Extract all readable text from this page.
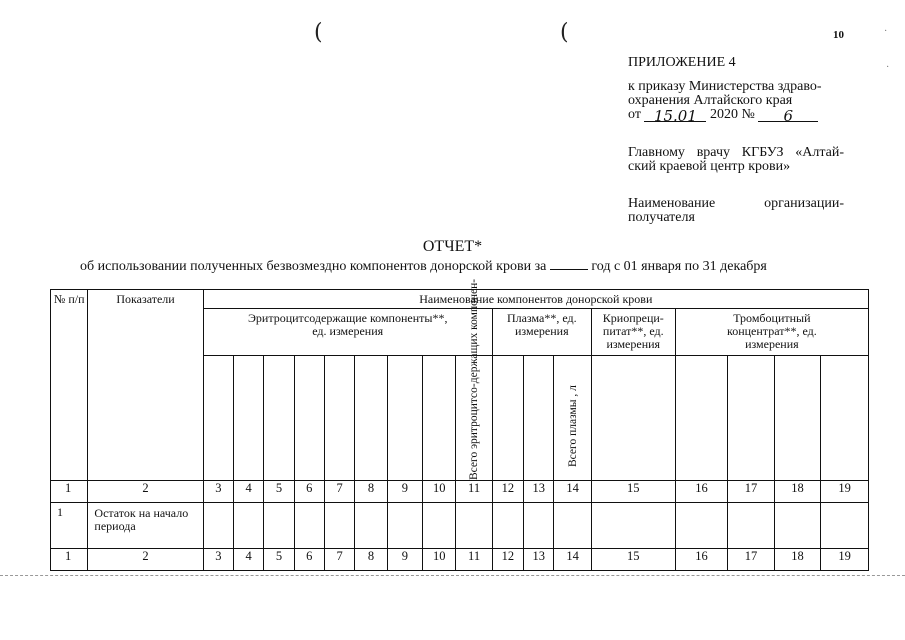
10
(	(	·
·
ПРИЛОЖЕНИЕ 4
к приказу Министерства здраво-
охранения Алтайского края
от 15.01 2020 № 6
Главному врачу КГБУЗ «Алтай-
ский краевой центр крови»
Наименование организации-
получателя
ОТЧЕТ*
об использовании полученных безвозмездно компонентов донорской крови за	год с 01 января по 31 декабря
№ п/п	Показатели	Наименование компонентов донорской крови																

		Эритроцитсодержащие компоненты**, ед. измерения									Плазма**, ед. измерения			Криопреци-питат**, ед. измерения	Тромбоцитный концентрат**, ед. измерения			

										Всего эритроцитсо-держащих компонен-			Всего плазмы , л					

1	2	3	4	5	6	7	8	9	10	11	12	13	14	15	16	17	18	19

1	Остаток на начало периода																	

1	2	3	4	5	6	7	8	9	10	11	12	13	14	15	16	17	18	19
